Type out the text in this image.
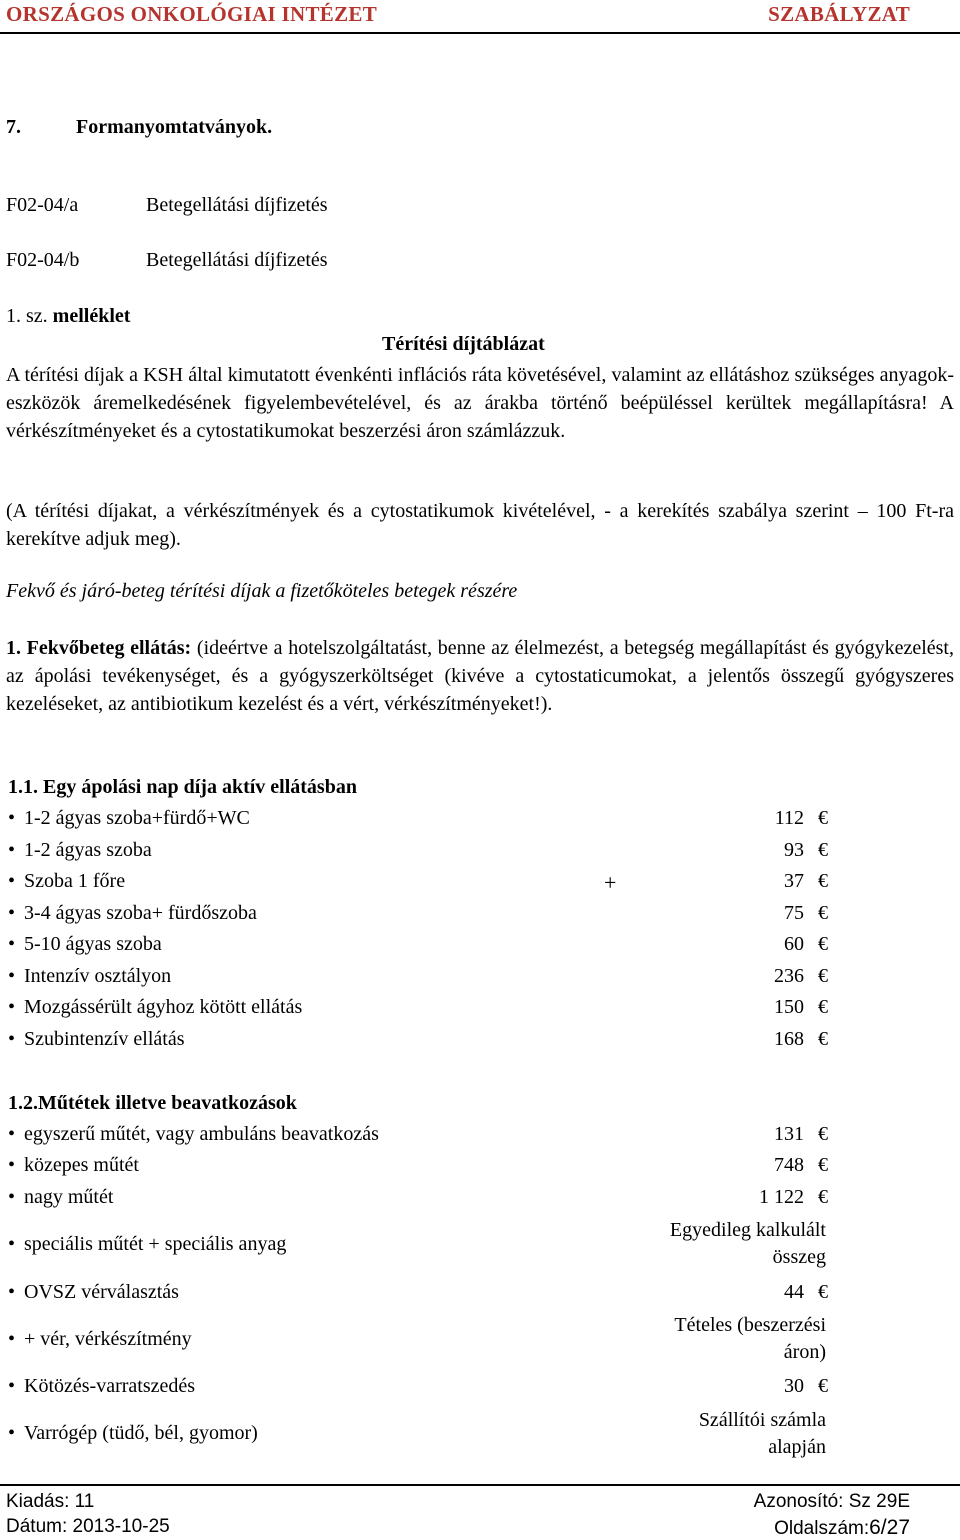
ORSZÁGOS ONKOLÓGIAI INTÉZET	SZABÁLYZAT
7.	Formanyomtatványok.
F02-04/a	Betegellátási díjfizetés
F02-04/b	Betegellátási díjfizetés
1. sz. melléklet
Térítési díjtáblázat
A térítési díjak a KSH által kimutatott évenkénti inflációs ráta követésével, valamint az ellátáshoz szükséges anyagok-eszközök áremelkedésének figyelembevételével, és az árakba történő beépüléssel kerültek megállapításra! A vérkészítményeket és a cytostatikumokat beszerzési áron számlázzuk.
(A térítési díjakat, a vérkészítmények és a cytostatikumok kivételével, - a kerekítés szabálya szerint – 100 Ft-ra kerekítve adjuk meg).
Fekvő és járó-beteg térítési díjak a fizetőköteles betegek részére
1. Fekvőbeteg ellátás: (ideértve a hotelszolgáltatást, benne az élelmezést, a betegség megállapítást és gyógykezelést, az ápolási tevékenységet, és a gyógyszerköltséget (kivéve a cytostaticumokat, a jelentős összegű gyógyszeres kezeléseket, az antibiotikum kezelést és a vért, vérkészítményeket!).
1.1. Egy ápolási nap díja aktív ellátásban
+
• 1-2 ágyas szoba+fürdő+WC	112 €
• 1-2 ágyas szoba	93 €
• Szoba 1 főre	37 €
• 3-4 ágyas szoba+ fürdőszoba	75 €
• 5-10 ágyas szoba	60 €
• Intenzív osztályon	236 €
• Mozgássérült ágyhoz kötött ellátás	150 €
• Szubintenzív ellátás	168 €
1.2.Műtétek illetve beavatkozások
• egyszerű műtét, vagy ambuláns beavatkozás	131 €
• közepes műtét	748 €
• nagy műtét	1 122 €
• speciális műtét + speciális anyag
Egyedileg kalkulált
összeg
• OVSZ vérválasztás	44 €
• + vér, vérkészítmény
Tételes (beszerzési
áron)
• Kötözés-varratszedés	30 €
• Varrógép (tüdő, bél, gyomor)
Szállítói számla
alapján
Kiadás: 11
Dátum: 2013-10-25
Azonosító: Sz 29E
Oldalszám:6/27
